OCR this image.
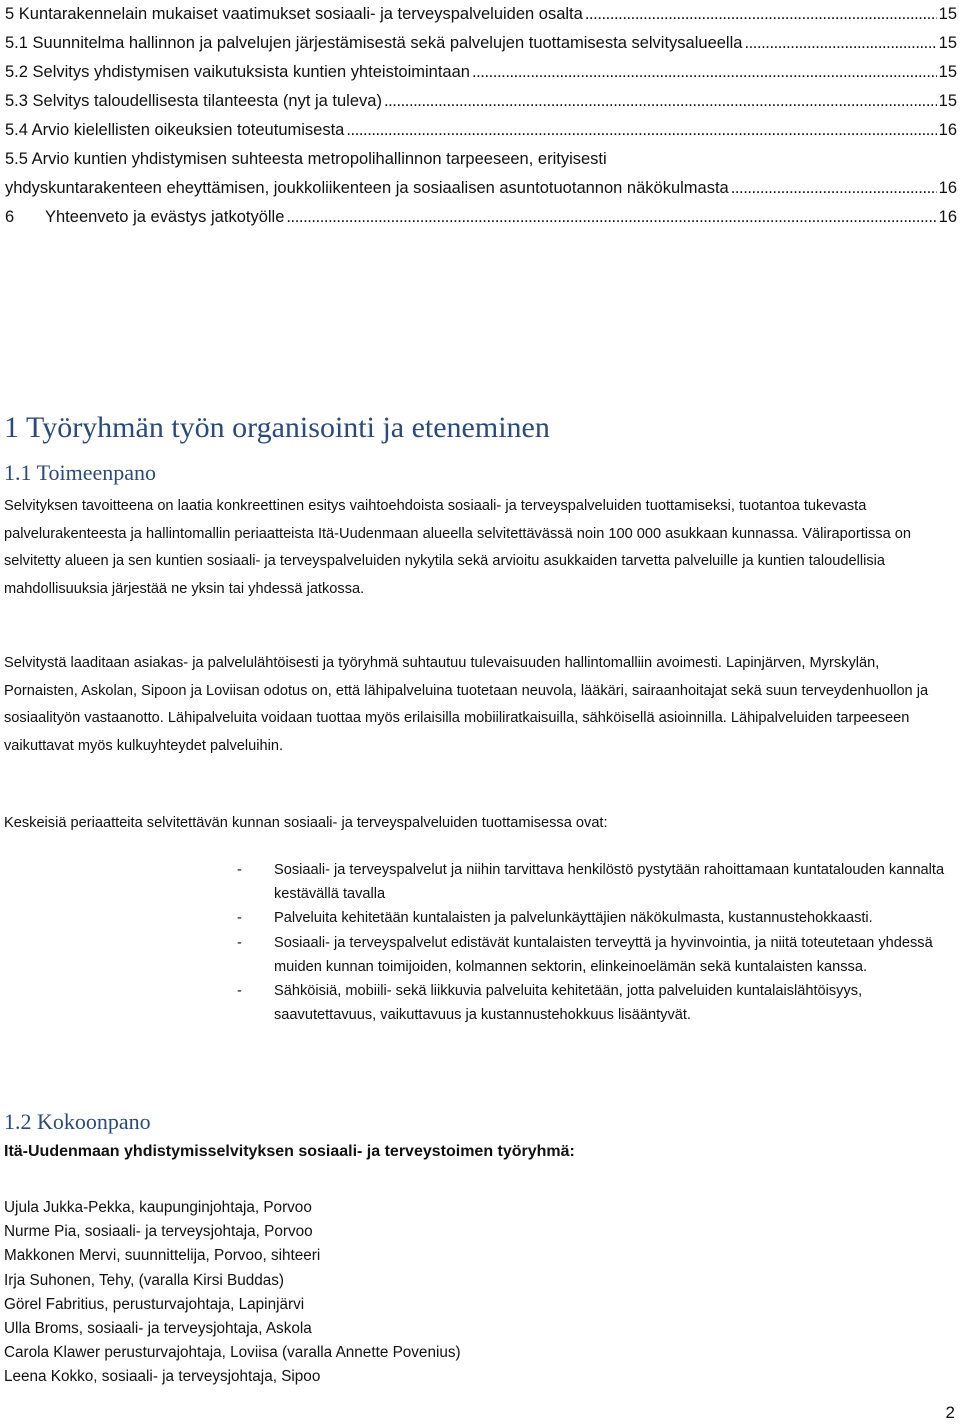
5 Kuntarakennelain mukaiset vaatimukset sosiaali- ja terveyspalveluiden osalta . . .	15
5.1 Suunnitelma hallinnon ja palvelujen järjestämisestä sekä palvelujen tuottamisesta selvitysalueella . . .	15
5.2 Selvitys yhdistymisen vaikutuksista kuntien yhteistoimintaan . . .	15
5.3 Selvitys taloudellisesta tilanteesta (nyt ja tuleva) . . .	15
5.4 Arvio kielellisten oikeuksien toteutumisesta . . .	16
5.5 Arvio kuntien yhdistymisen suhteesta metropolihallinnon tarpeeseen, erityisesti
yhdyskuntarakenteen eheyttämisen, joukkoliikenteen ja sosiaalisen asuntotuotannon näkökulmasta . . .	16
6 Yhteenveto ja evästys jatkotyölle . . .	16
1 Työryhmän työn organisointi ja eteneminen
1.1 Toimeenpano

Selvityksen tavoitteena on laatia konkreettinen esitys vaihtoehdoista sosiaali- ja terveyspalveluiden tuottamiseksi, tuotantoa tukevasta palvelurakenteesta ja hallintomallin periaatteista Itä-Uudenmaan alueella selvitettävässä noin 100 000 asukkaan kunnassa. Väliraportissa on selvitetty alueen ja sen kuntien sosiaali- ja terveyspalveluiden nykytila sekä arvioitu asukkaiden tarvetta palveluille ja kuntien taloudellisia mahdollisuuksia järjestää ne yksin tai yhdessä jatkossa.

Selvitystä laaditaan asiakas- ja palvelulähtöisesti ja työryhmä suhtautuu tulevaisuuden hallintomalliin avoimesti. Lapinjärven, Myrskylän, Pornaisten, Askolan, Sipoon ja Loviisan odotus on, että lähipalveluina tuotetaan neuvola, lääkäri, sairaanhoitajat sekä suun terveydenhuollon ja sosiaalityön vastaanotto. Lähipalveluita voidaan tuottaa myös erilaisilla mobiiliratkaisuilla, sähköisellä asioinnilla. Lähipalveluiden tarpeeseen vaikuttavat myös kulkuyhteydet palveluihin.

Keskeisiä periaatteita selvitettävän kunnan sosiaali- ja terveyspalveluiden tuottamisessa ovat:

- Sosiaali- ja terveyspalvelut ja niihin tarvittava henkilöstö pystytään rahoittamaan kuntatalouden kannalta kestävällä tavalla
- Palveluita kehitetään kuntalaisten ja palvelunkäyttäjien näkökulmasta, kustannustehokkaasti.
- Sosiaali- ja terveyspalvelut edistävät kuntalaisten terveyttä ja hyvinvointia, ja niitä toteutetaan yhdessä muiden kunnan toimijoiden, kolmannen sektorin, elinkeinoelämän sekä kuntalaisten kanssa.
- Sähköisiä, mobiili- sekä liikkuvia palveluita kehitetään, jotta palveluiden kuntalaislähtöisyys, saavutettavuus, vaikuttavuus ja kustannustehokkuus lisääntyvät.
1.2 Kokoonpano

Itä-Uudenmaan yhdistymisselvityksen sosiaali- ja terveystoimen työryhmä:

Ujula Jukka-Pekka, kaupunginjohtaja, Porvoo
Nurme Pia, sosiaali- ja terveysjohtaja, Porvoo
Makkonen Mervi, suunnittelija, Porvoo, sihteeri
Irja Suhonen, Tehy, (varalla Kirsi Buddas)
Görel Fabritius, perusturvajohtaja, Lapinjärvi
Ulla Broms, sosiaali- ja terveysjohtaja, Askola
Carola Klawer perusturvajohtaja, Loviisa (varalla Annette Povenius)
Leena Kokko, sosiaali- ja terveysjohtaja, Sipoo
2
